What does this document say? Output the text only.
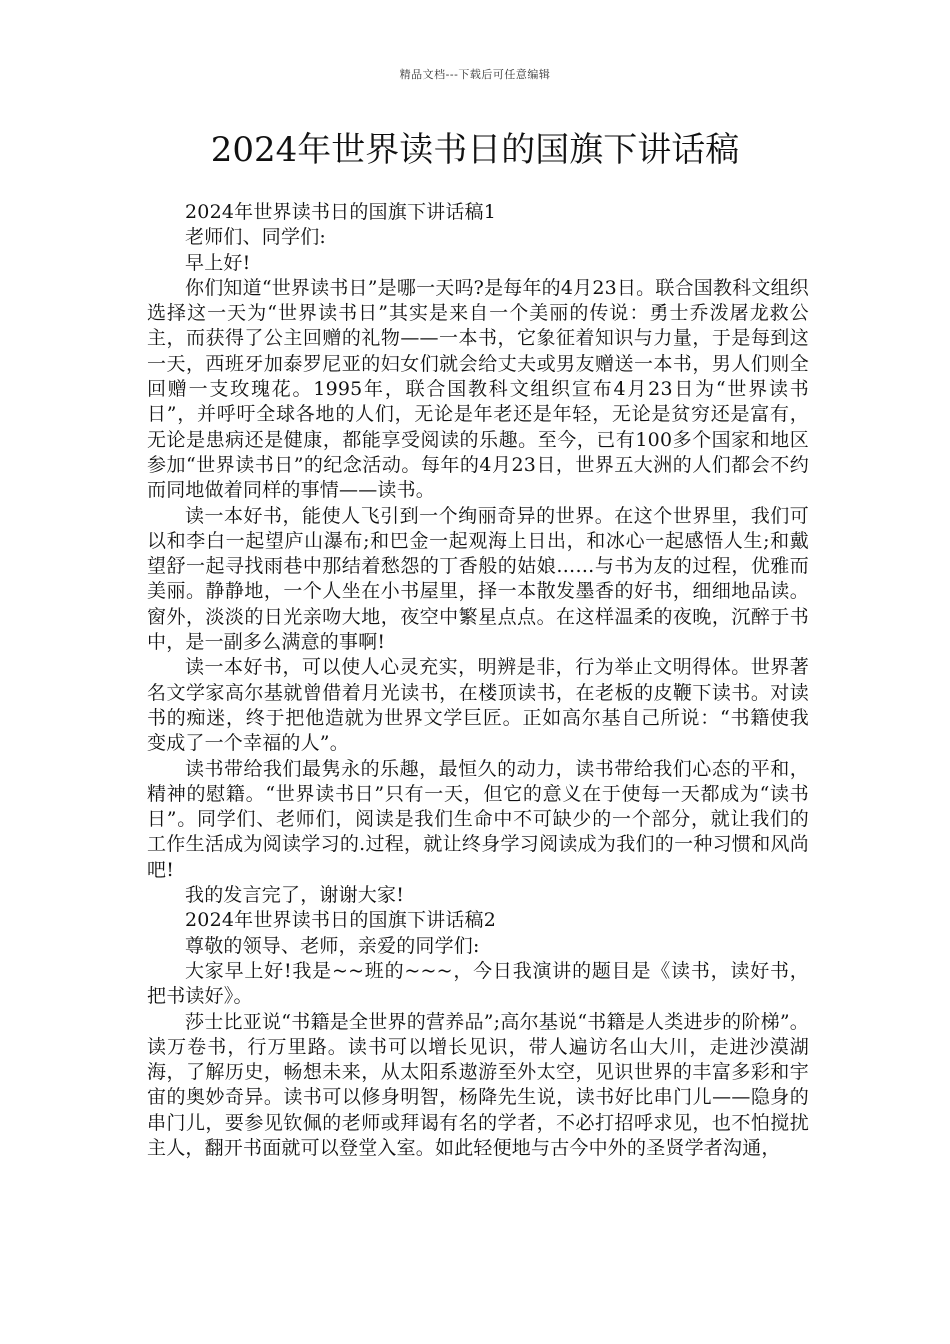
精品文档---下载后可任意编辑
2024年世界读书日的国旗下讲话稿

2024年世界读书日的国旗下讲话稿1

老师们、同学们:

早上好!

你们知道“世界读书日”是哪一天吗?是每年的4月23日。联合国教科文组织选择这一天为“世界读书日”其实是来自一个美丽的传说：勇士乔泼屠龙救公主，而获得了公主回赠的礼物——一本书，它象征着知识与力量，于是每到这一天，西班牙加泰罗尼亚的妇女们就会给丈夫或男友赠送一本书，男人们则全回赠一支玫瑰花。1995年，联合国教科文组织宣布4月23日为“世界读书日”，并呼吁全球各地的人们，无论是年老还是年轻，无论是贫穷还是富有，无论是患病还是健康，都能享受阅读的乐趣。至今，已有100多个国家和地区参加“世界读书日”的纪念活动。每年的4月23日，世界五大洲的人们都会不约而同地做着同样的事情——读书。

读一本好书，能使人飞引到一个绚丽奇异的世界。在这个世界里，我们可以和李白一起望庐山瀑布;和巴金一起观海上日出，和冰心一起感悟人生;和戴望舒一起寻找雨巷中那结着愁怨的丁香般的姑娘……与书为友的过程，优雅而美丽。静静地，一个人坐在小书屋里，择一本散发墨香的好书，细细地品读。窗外，淡淡的日光亲吻大地，夜空中繁星点点。在这样温柔的夜晚，沉醉于书中，是一副多么满意的事啊!

读一本好书，可以使人心灵充实，明辨是非，行为举止文明得体。世界著名文学家高尔基就曾借着月光读书，在楼顶读书，在老板的皮鞭下读书。对读书的痴迷，终于把他造就为世界文学巨匠。正如高尔基自己所说：“书籍使我变成了一个幸福的人”。

读书带给我们最隽永的乐趣，最恒久的动力，读书带给我们心态的平和，精神的慰籍。“世界读书日”只有一天，但它的意义在于使每一天都成为“读书日”。同学们、老师们，阅读是我们生命中不可缺少的一个部分，就让我们的工作生活成为阅读学习的.过程，就让终身学习阅读成为我们的一种习惯和风尚吧!

我的发言完了，谢谢大家!

2024年世界读书日的国旗下讲话稿2

尊敬的领导、老师，亲爱的同学们:

大家早上好!我是~~班的~~~，今日我演讲的题目是《读书，读好书，把书读好》。

莎士比亚说“书籍是全世界的营养品”;高尔基说“书籍是人类进步的阶梯”。读万卷书，行万里路。读书可以增长见识，带人遍访名山大川，走进沙漠湖海，了解历史，畅想未来，从太阳系遨游至外太空，见识世界的丰富多彩和宇宙的奥妙奇异。读书可以修身明智，杨降先生说，读书好比串门儿——隐身的串门儿，要参见钦佩的老师或拜谒有名的学者，不必打招呼求见，也不怕搅扰主人，翻开书面就可以登堂入室。如此轻便地与古今中外的圣贤学者沟通，
